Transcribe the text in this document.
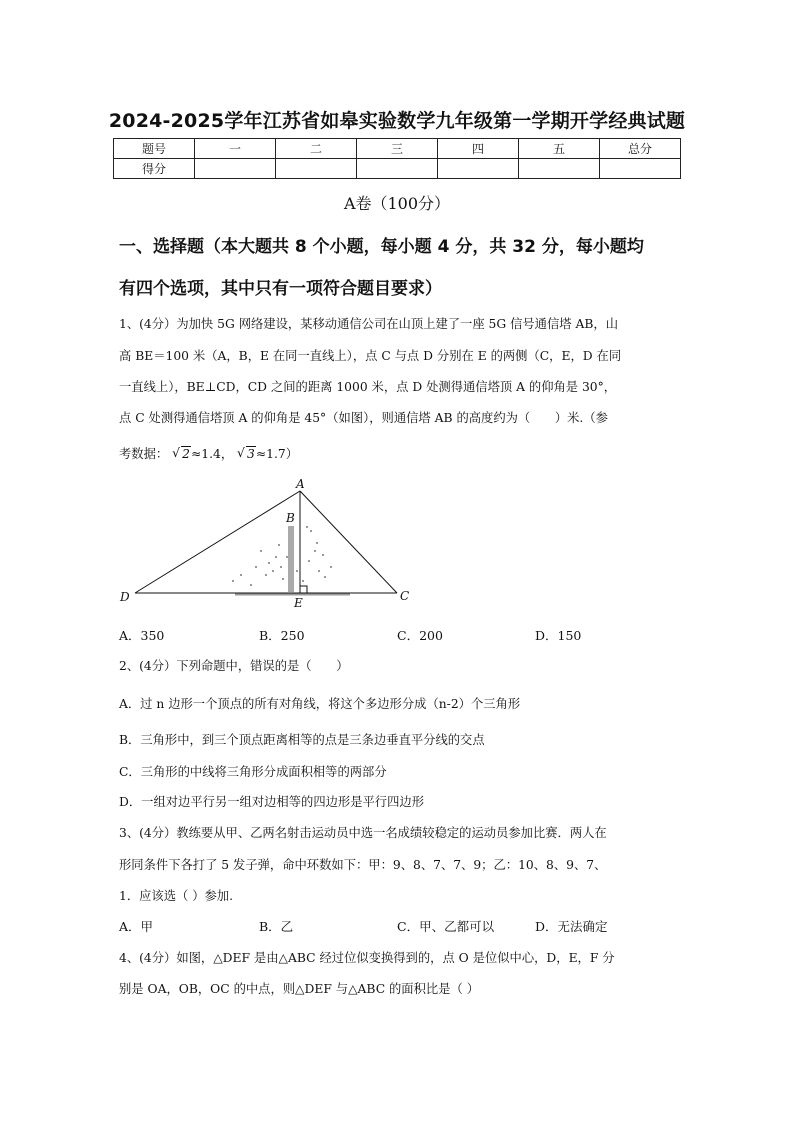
2024-2025学年江苏省如皋实验数学九年级第一学期开学经典试题
题号	一	二	三	四	五	总分
得分						
A卷（100分）
一、选择题（本大题共 8 个小题，每小题 4 分，共 32 分，每小题均
有四个选项，其中只有一项符合题目要求）
1、(4分）为加快 5G 网络建设，某移动通信公司在山顶上建了一座 5G 信号通信塔 AB，山
高 BE＝100 米（A，B，E 在同一直线上），点 C 与点 D 分别在 E 的两侧（C，E，D 在同
一直线上），BE⊥CD，CD 之间的距离 1000 米，点 D 处测得通信塔顶 A 的仰角是 30°，
点 C 处测得通信塔顶 A 的仰角是 45°（如图），则通信塔 AB 的高度约为（　　）米.（参
考数据： √ 2≈1.4， √ 3≈1.7）
A
B
C
D	E
A．350	B．250	C．200	D．150
2、(4分）下列命题中，错误的是（　　）
A．过 n 边形一个顶点的所有对角线，将这个多边形分成（n-2）个三角形
B．三角形中，到三个顶点距离相等的点是三条边垂直平分线的交点
C．三角形的中线将三角形分成面积相等的两部分
D．一组对边平行另一组对边相等的四边形是平行四边形
3、(4分）教练要从甲、乙两名射击运动员中选一名成绩较稳定的运动员参加比赛．两人在
形同条件下各打了 5 发子弹，命中环数如下：甲：9、8、7、7、9；乙：10、8、9、7、
1．应该选（ ）参加.
A．甲	B．乙	C．甲、乙都可以	D．无法确定
4、(4分）如图，△DEF 是由△ABC 经过位似变换得到的，点 O 是位似中心，D，E，F 分
别是 OA，OB，OC 的中点，则△DEF 与△ABC 的面积比是（ ）
